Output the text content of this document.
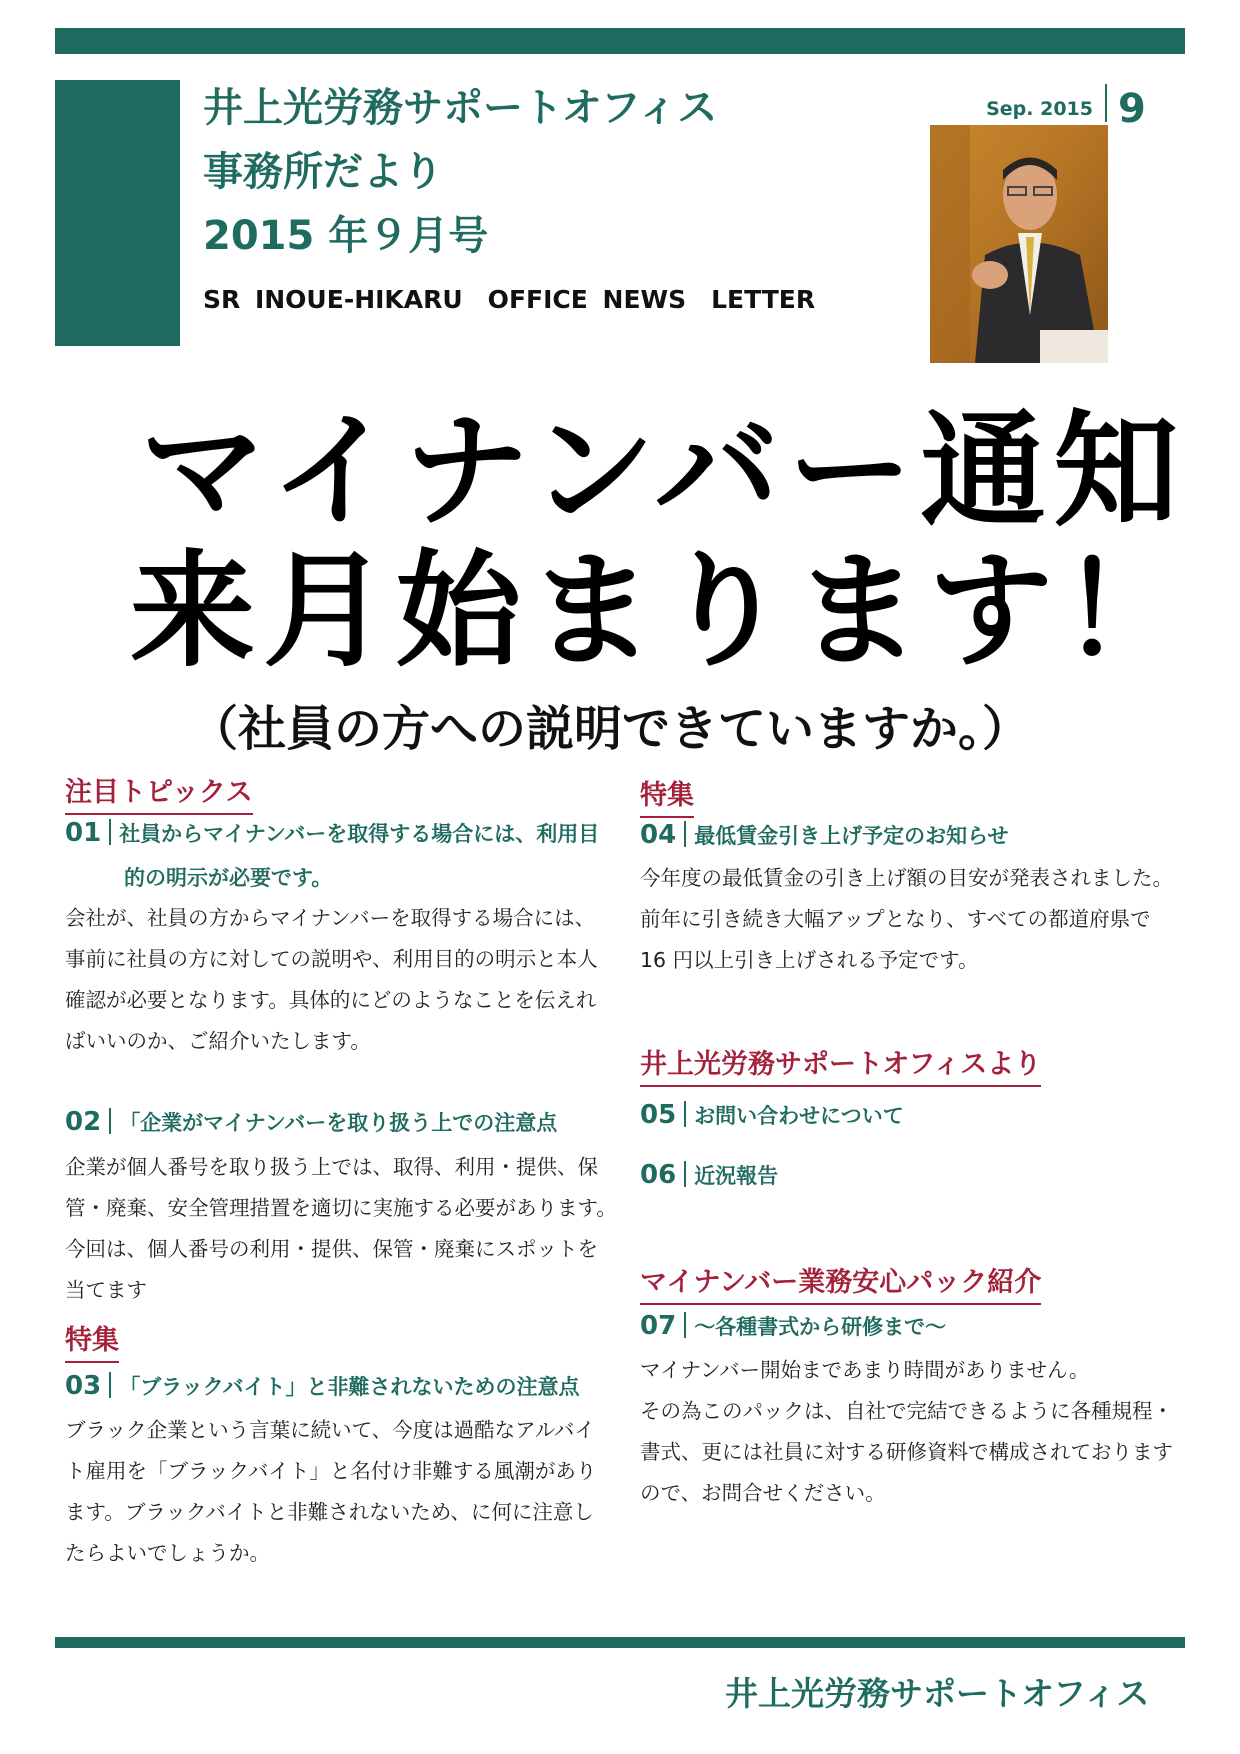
井上光労務サポートオフィス
事務所だより
2015 年９月号
SR INOUE-HIKARU　OFFICE NEWS　LETTER
Sep. 2015 9
マイナンバー通知
来月始まります！
（社員の方への説明できていますか。）
注目トピックス
01 社員からマイナンバーを取得する場合には、利用目
的の明示が必要です。
会社が、社員の方からマイナンバーを取得する場合には、
事前に社員の方に対しての説明や、利用目的の明示と本人
確認が必要となります。具体的にどのようなことを伝えれ
ばいいのか、ご紹介いたします。
02 「企業がマイナンバーを取り扱う上での注意点
企業が個人番号を取り扱う上では、取得、利用・提供、保
管・廃棄、安全管理措置を適切に実施する必要があります。
今回は、個人番号の利用・提供、保管・廃棄にスポットを
当てます
特集
03 「ブラックバイト」と非難されないための注意点
ブラック企業という言葉に続いて、今度は過酷なアルバイ
ト雇用を「ブラックバイト」と名付け非難する風潮があり
ます。ブラックバイトと非難されないため、に何に注意し
たらよいでしょうか。
特集
04 最低賃金引き上げ予定のお知らせ
今年度の最低賃金の引き上げ額の目安が発表されました。
前年に引き続き大幅アップとなり、すべての都道府県で
16 円以上引き上げされる予定です。
井上光労務サポートオフィスより
05 お問い合わせについて
06 近況報告
マイナンバー業務安心パック紹介
07 ～各種書式から研修まで～
マイナンバー開始まであまり時間がありません。
その為このパックは、自社で完結できるように各種規程・
書式、更には社員に対する研修資料で構成されております
ので、お問合せください。
井上光労務サポートオフィス
